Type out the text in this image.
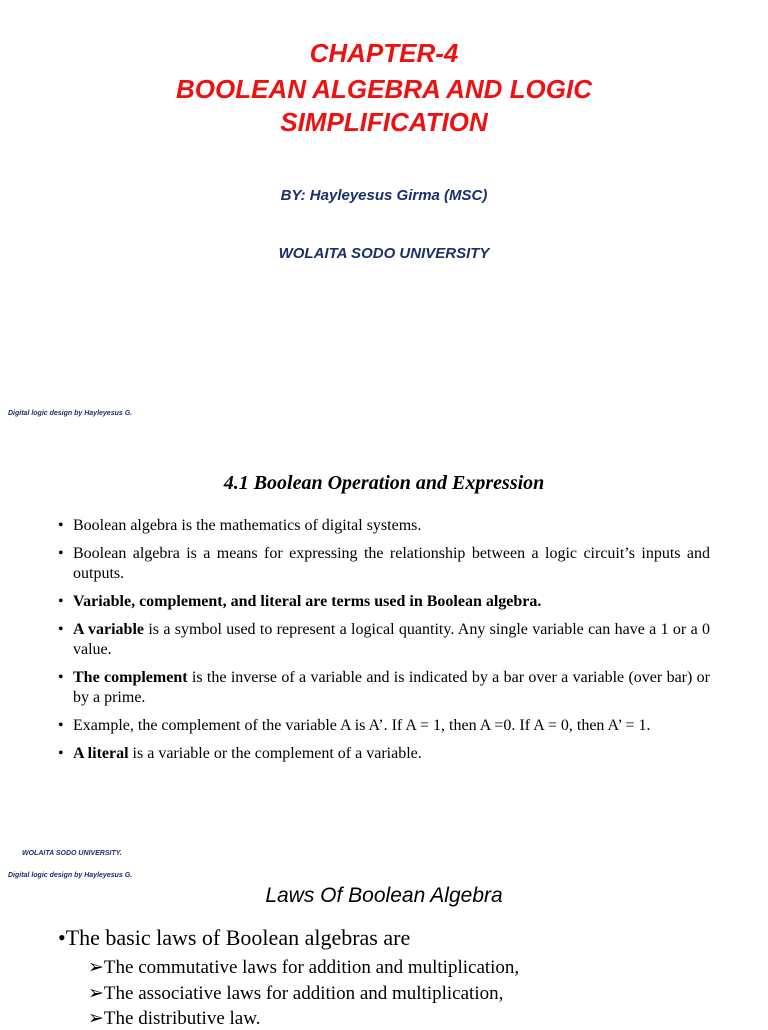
CHAPTER-4
BOOLEAN ALGEBRA AND LOGIC
SIMPLIFICATION
BY: Hayleyesus Girma (MSC)
WOLAITA SODO UNIVERSITY
Digital logic design by Hayleyesus G.
4.1 Boolean Operation and Expression
• Boolean algebra is the mathematics of digital systems.
• Boolean algebra is a means for expressing the relationship between a logic circuit’s inputs and outputs.
• Variable, complement, and literal are terms used in Boolean algebra.
• A variable is a symbol used to represent a logical quantity. Any single variable can have a 1 or a 0 value.
• The complement is the inverse of a variable and is indicated by a bar over a variable (over bar) or by a prime.
• Example, the complement of the variable A is A’. If A = 1, then A =0. If A = 0, then A’ = 1.
• A literal is a variable or the complement of a variable.
WOLAITA SODO UNIVERSITY.
Digital logic design by Hayleyesus G.
Laws Of Boolean Algebra
•The basic laws of Boolean algebras are
➢The commutative laws for addition and multiplication,
➢The associative laws for addition and multiplication,
➢The distributive law.
